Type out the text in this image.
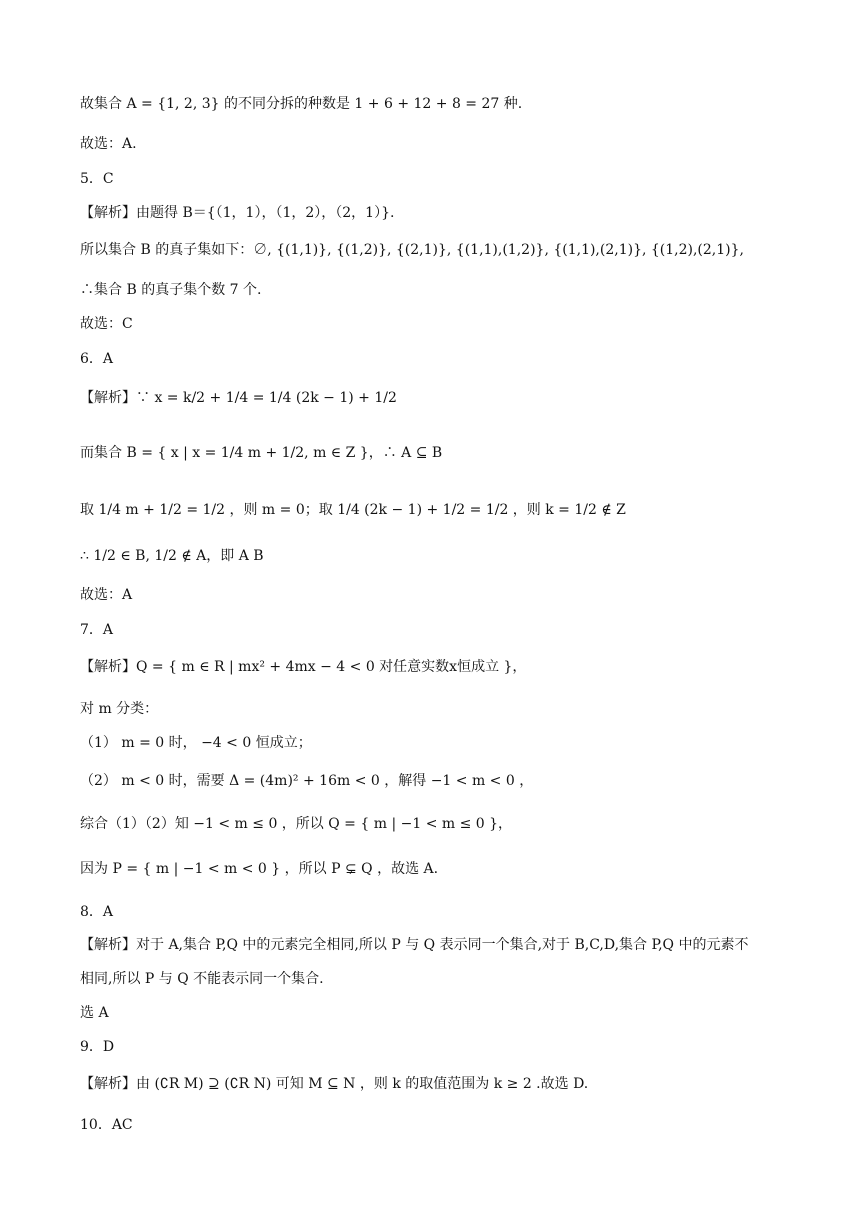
故集合 A = {1, 2, 3} 的不同分拆的种数是 1 + 6 + 12 + 8 = 27 种.
故选：A.
5．C
【解析】由题得 B＝{（1，1），（1，2），（2，1）}.
所以集合 B 的真子集如下：∅, {(1,1)}, {(1,2)}, {(2,1)}, {(1,1),(1,2)}, {(1,1),(2,1)}, {(1,2),(2,1)},
∴集合 B 的真子集个数 7 个.
故选：C
6．A
【解析】∵ x = k/2 + 1/4 = 1/4 (2k − 1) + 1/2
而集合 B = { x | x = 1/4 m + 1/2, m ∈ Z }，∴ A ⊆ B
取 1/4 m + 1/2 = 1/2 ，则 m = 0；取 1/4 (2k − 1) + 1/2 = 1/2 ，则 k = 1/2 ∉ Z
∴ 1/2 ∈ B, 1/2 ∉ A，即 A B
故选：A
7．A
【解析】Q = { m ∈ R | mx² + 4mx − 4 < 0 对任意实数x恒成立 }，
对 m 分类：
（1） m = 0 时， −4 < 0 恒成立；
（2） m < 0 时，需要 Δ = (4m)² + 16m < 0 ，解得 −1 < m < 0 ，
综合（1）（2）知 −1 < m ≤ 0 ，所以 Q = { m | −1 < m ≤ 0 }，
因为 P = { m | −1 < m < 0 } ，所以 P ⊊ Q ，故选 A.
8．A
【解析】对于 A,集合 P,Q 中的元素完全相同,所以 P 与 Q 表示同一个集合,对于 B,C,D,集合 P,Q 中的元素不
相同,所以 P 与 Q 不能表示同一个集合.
选 A
9．D
【解析】由 (∁R M) ⊇ (∁R N) 可知 M ⊆ N ，则 k 的取值范围为 k ≥ 2 .故选 D.
10．AC
